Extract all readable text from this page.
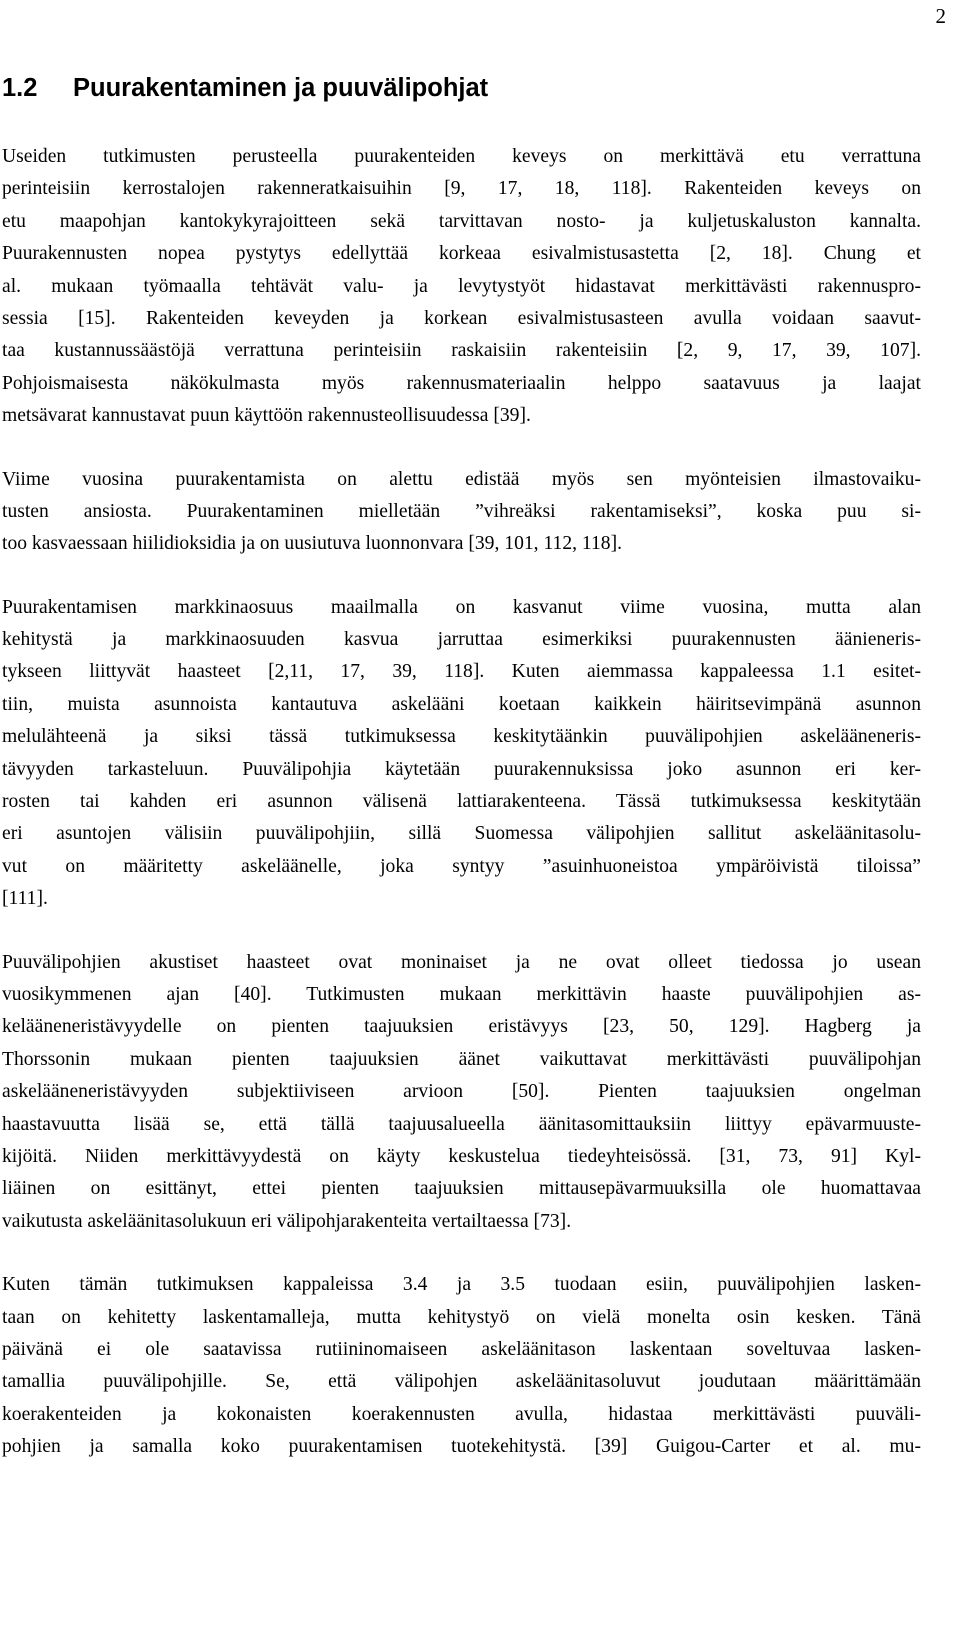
2
1.2 Puurakentaminen ja puuvälipohjat

Useiden tutkimusten perusteella puurakenteiden keveys on merkittävä etu verrattuna
perinteisiin kerrostalojen rakenneratkaisuihin [9, 17, 18, 118]. Rakenteiden keveys on
etu maapohjan kantokykyrajoitteen sekä tarvittavan nosto- ja kuljetuskaluston kannalta.
Puurakennusten nopea pystytys edellyttää korkeaa esivalmistusastetta [2, 18]. Chung et
al. mukaan työmaalla tehtävät valu- ja levytystyöt hidastavat merkittävästi rakennuspro-
sessia [15]. Rakenteiden keveyden ja korkean esivalmistusasteen avulla voidaan saavut-
taa kustannussäästöjä verrattuna perinteisiin raskaisiin rakenteisiin [2, 9, 17, 39, 107].
Pohjoismaisesta näkökulmasta myös rakennusmateriaalin helppo saatavuus ja laajat
metsävarat kannustavat puun käyttöön rakennusteollisuudessa [39].

Viime vuosina puurakentamista on alettu edistää myös sen myönteisien ilmastovaiku-
tusten ansiosta. Puurakentaminen mielletään ”vihreäksi rakentamiseksi”, koska puu si-
too kasvaessaan hiilidioksidia ja on uusiutuva luonnonvara [39, 101, 112, 118].

Puurakentamisen markkinaosuus maailmalla on kasvanut viime vuosina, mutta alan
kehitystä ja markkinaosuuden kasvua jarruttaa esimerkiksi puurakennusten äänieneris-
tykseen liittyvät haasteet [2,11, 17, 39, 118]. Kuten aiemmassa kappaleessa 1.1 esitet-
tiin, muista asunnoista kantautuva askelääni koetaan kaikkein häiritsevimpänä asunnon
melulähteenä ja siksi tässä tutkimuksessa keskitytäänkin puuvälipohjien askelääneneris-
tävyyden tarkasteluun. Puuvälipohjia käytetään puurakennuksissa joko asunnon eri ker-
rosten tai kahden eri asunnon välisenä lattiarakenteena. Tässä tutkimuksessa keskitytään
eri asuntojen välisiin puuvälipohjiin, sillä Suomessa välipohjien sallitut askeläänitasolu-
vut on määritetty askeläänelle, joka syntyy ”asuinhuoneistoa ympäröivistä tiloissa”
[111].

Puuvälipohjien akustiset haasteet ovat moninaiset ja ne ovat olleet tiedossa jo usean
vuosikymmenen ajan [40]. Tutkimusten mukaan merkittävin haaste puuvälipohjien as-
kelääneneristävyydelle on pienten taajuuksien eristävyys [23, 50, 129]. Hagberg ja
Thorssonin mukaan pienten taajuuksien äänet vaikuttavat merkittävästi puuvälipohjan
askelääneneristävyyden subjektiiviseen arvioon [50]. Pienten taajuuksien ongelman
haastavuutta lisää se, että tällä taajuusalueella äänitasomittauksiin liittyy epävarmuuste-
kijöitä. Niiden merkittävyydestä on käyty keskustelua tiedeyhteisössä. [31, 73, 91] Kyl-
liäinen on esittänyt, ettei pienten taajuuksien mittausepävarmuuksilla ole huomattavaa
vaikutusta askeläänitasolukuun eri välipohjarakenteita vertailtaessa [73].

Kuten tämän tutkimuksen kappaleissa 3.4 ja 3.5 tuodaan esiin, puuvälipohjien lasken-
taan on kehitetty laskentamalleja, mutta kehitystyö on vielä monelta osin kesken. Tänä
päivänä ei ole saatavissa rutiininomaiseen askeläänitason laskentaan soveltuvaa lasken-
tamallia puuvälipohjille. Se, että välipohjen askeläänitasoluvut joudutaan määrittämään
koerakenteiden ja kokonaisten koerakennusten avulla, hidastaa merkittävästi puuväli-
pohjien ja samalla koko puurakentamisen tuotekehitystä. [39] Guigou-Carter et al. mu-
